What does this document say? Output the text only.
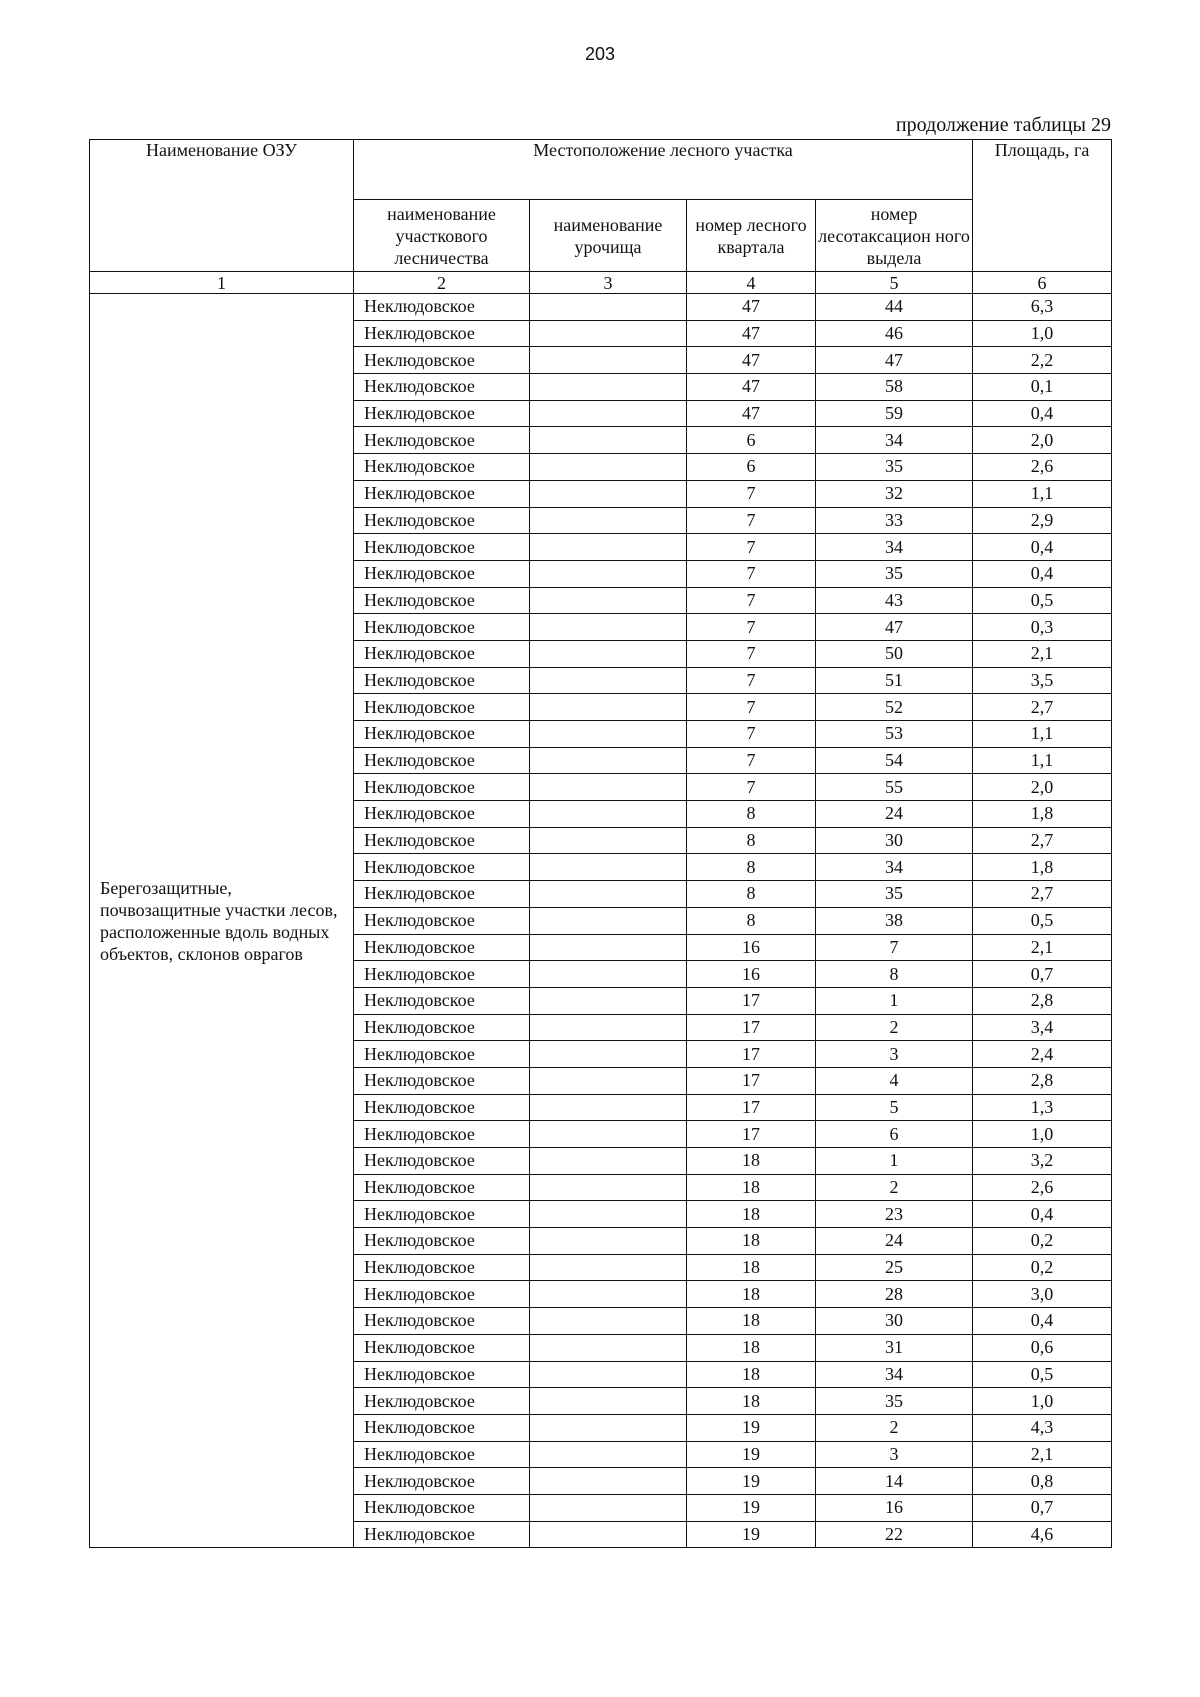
203
продолжение таблицы 29
Наименование ОЗУ	Местоположение лесного участка				Площадь, га
	наименование участкового лесничества	наименование урочища	номер лесного квартала	номер лесотаксацион ного выдела	
1	2	3	4	5	6
Берегозащитные, почвозащитные участки лесов, расположенные вдоль водных объектов, склонов оврагов	Неклюдовское		47	44	6,3
	Неклюдовское		47	46	1,0
	Неклюдовское		47	47	2,2
	Неклюдовское		47	58	0,1
	Неклюдовское		47	59	0,4
	Неклюдовское		6	34	2,0
	Неклюдовское		6	35	2,6
	Неклюдовское		7	32	1,1
	Неклюдовское		7	33	2,9
	Неклюдовское		7	34	0,4
	Неклюдовское		7	35	0,4
	Неклюдовское		7	43	0,5
	Неклюдовское		7	47	0,3
	Неклюдовское		7	50	2,1
	Неклюдовское		7	51	3,5
	Неклюдовское		7	52	2,7
	Неклюдовское		7	53	1,1
	Неклюдовское		7	54	1,1
	Неклюдовское		7	55	2,0
	Неклюдовское		8	24	1,8
	Неклюдовское		8	30	2,7
	Неклюдовское		8	34	1,8
	Неклюдовское		8	35	2,7
	Неклюдовское		8	38	0,5
	Неклюдовское		16	7	2,1
	Неклюдовское		16	8	0,7
	Неклюдовское		17	1	2,8
	Неклюдовское		17	2	3,4
	Неклюдовское		17	3	2,4
	Неклюдовское		17	4	2,8
	Неклюдовское		17	5	1,3
	Неклюдовское		17	6	1,0
	Неклюдовское		18	1	3,2
	Неклюдовское		18	2	2,6
	Неклюдовское		18	23	0,4
	Неклюдовское		18	24	0,2
	Неклюдовское		18	25	0,2
	Неклюдовское		18	28	3,0
	Неклюдовское		18	30	0,4
	Неклюдовское		18	31	0,6
	Неклюдовское		18	34	0,5
	Неклюдовское		18	35	1,0
	Неклюдовское		19	2	4,3
	Неклюдовское		19	3	2,1
	Неклюдовское		19	14	0,8
	Неклюдовское		19	16	0,7
	Неклюдовское		19	22	4,6
